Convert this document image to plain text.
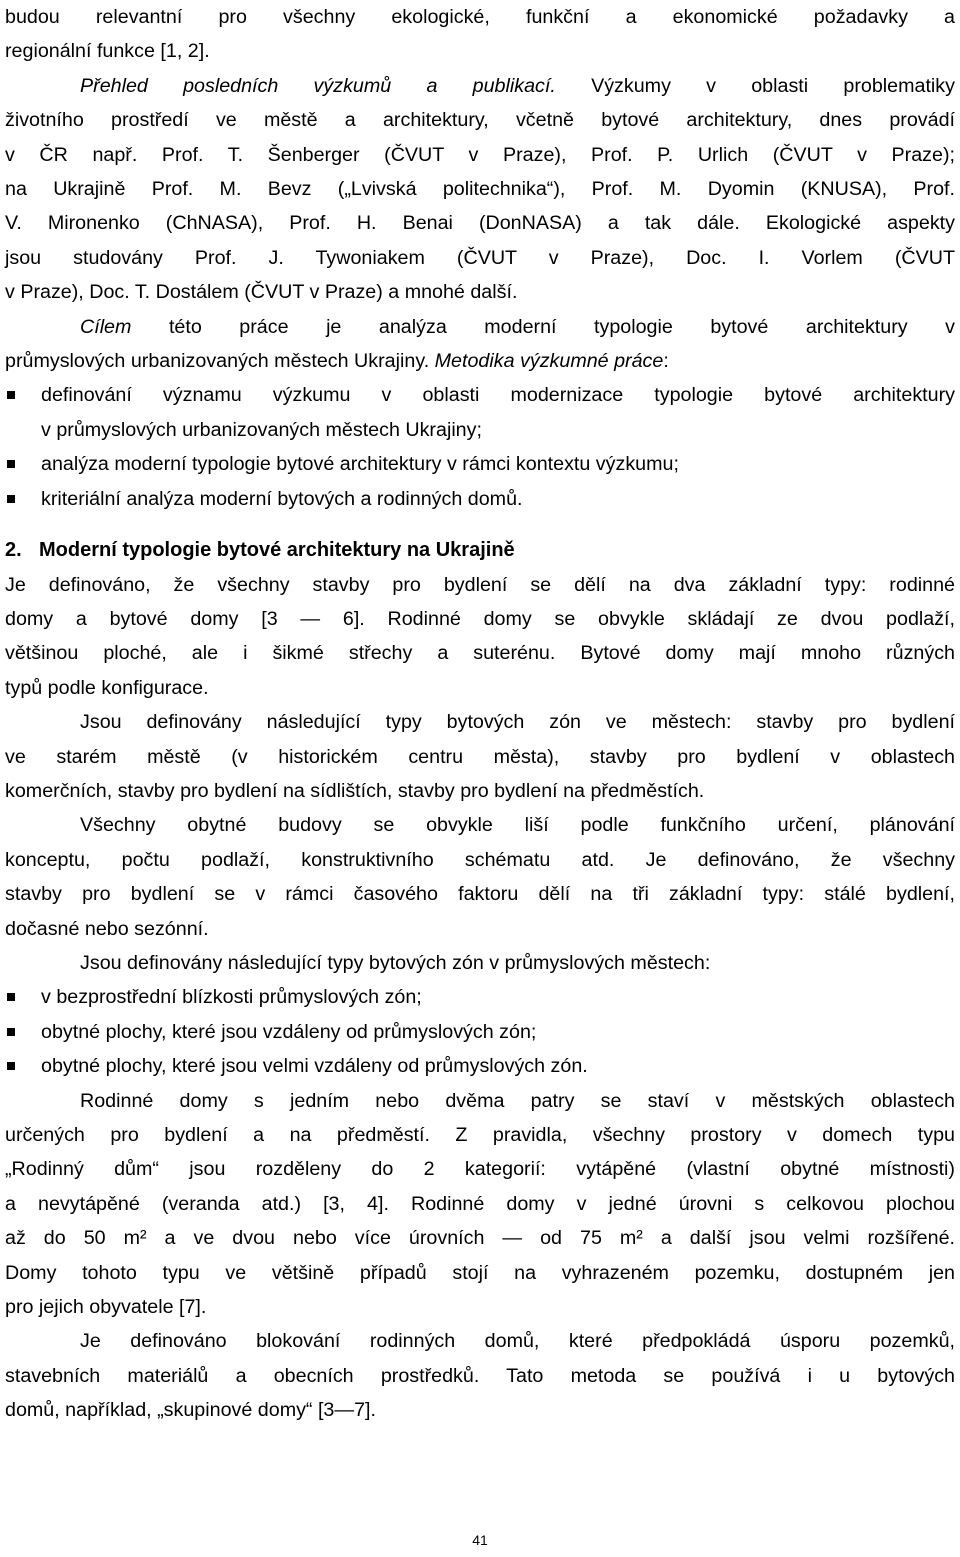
budou relevantní pro všechny ekologické, funkční a ekonomické požadavky a
regionální funkce [1, 2].
Přehled posledních výzkumů a publikací. Výzkumy v oblasti problematiky
životního prostředí ve městě a architektury, včetně bytové architektury, dnes provádí
v ČR např. Prof. T. Šenberger (ČVUT v Praze), Prof. P. Urlich (ČVUT v Praze);
na Ukrajině Prof. M. Bevz („Lvivská politechnika“), Prof. M. Dyomin (KNUSA), Prof.
V. Mironenko (ChNASA), Prof. H. Benai (DonNASA) a tak dále. Ekologické aspekty
jsou studovány Prof. J. Tywoniakem (ČVUT v Praze), Doc. I. Vorlem (ČVUT
v Praze), Doc. T. Dostálem (ČVUT v Praze) a mnohé další.
Cílem této práce je analýza moderní typologie bytové architektury v
průmyslových urbanizovaných městech Ukrajiny. Metodika výzkumné práce:
definování významu výzkumu v oblasti modernizace typologie bytové architektury
v průmyslových urbanizovaných městech Ukrajiny;
analýza moderní typologie bytové architektury v rámci kontextu výzkumu;
kriteriální analýza moderní bytových a rodinných domů.
2. Moderní typologie bytové architektury na Ukrajině
Je definováno, že všechny stavby pro bydlení se dělí na dva základní typy: rodinné
domy a bytové domy [3 — 6]. Rodinné domy se obvykle skládají ze dvou podlaží,
většinou ploché, ale i šikmé střechy a suterénu. Bytové domy mají mnoho různých
typů podle konfigurace.
Jsou definovány následující typy bytových zón ve městech: stavby pro bydlení
ve starém městě (v historickém centru města), stavby pro bydlení v oblastech
komerčních, stavby pro bydlení na sídlištích, stavby pro bydlení na předměstích.
Všechny obytné budovy se obvykle liší podle funkčního určení, plánování
konceptu, počtu podlaží, konstruktivního schématu atd. Je definováno, že všechny
stavby pro bydlení se v rámci časového faktoru dělí na tři základní typy: stálé bydlení,
dočasné nebo sezónní.
Jsou definovány následující typy bytových zón v průmyslových městech:
v bezprostřední blízkosti průmyslových zón;
obytné plochy, které jsou vzdáleny od průmyslových zón;
obytné plochy, které jsou velmi vzdáleny od průmyslových zón.
Rodinné domy s jedním nebo dvěma patry se staví v městských oblastech
určených pro bydlení a na předměstí. Z pravidla, všechny prostory v domech typu
„Rodinný dům“ jsou rozděleny do 2 kategorií: vytápěné (vlastní obytné místnosti)
a nevytápěné (veranda atd.) [3, 4]. Rodinné domy v jedné úrovni s celkovou plochou
až do 50 m² a ve dvou nebo více úrovních — od 75 m² a další jsou velmi rozšířené.
Domy tohoto typu ve většině případů stojí na vyhrazeném pozemku, dostupném jen
pro jejich obyvatele [7].
Je definováno blokování rodinných domů, které předpokládá úsporu pozemků,
stavebních materiálů a obecních prostředků. Tato metoda se používá i u bytových
domů, například, „skupinové domy“ [3—7].
41
